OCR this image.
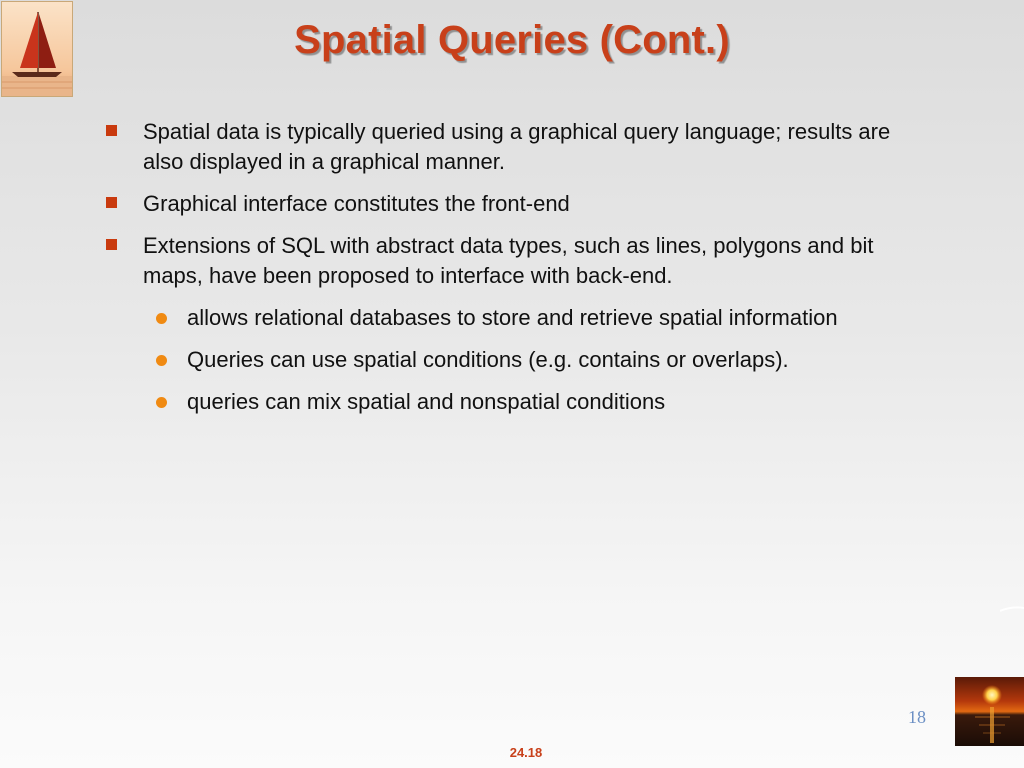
Spatial Queries (Cont.)
Spatial data is typically queried using a graphical query language; results are also displayed in a graphical manner.
Graphical interface constitutes the front-end
Extensions of SQL with abstract data types, such as lines, polygons and bit maps, have been proposed to interface with back-end.
allows relational databases to store and retrieve spatial information
Queries can use spatial conditions (e.g. contains or overlaps).
queries can mix spatial and nonspatial conditions
18
24.18
